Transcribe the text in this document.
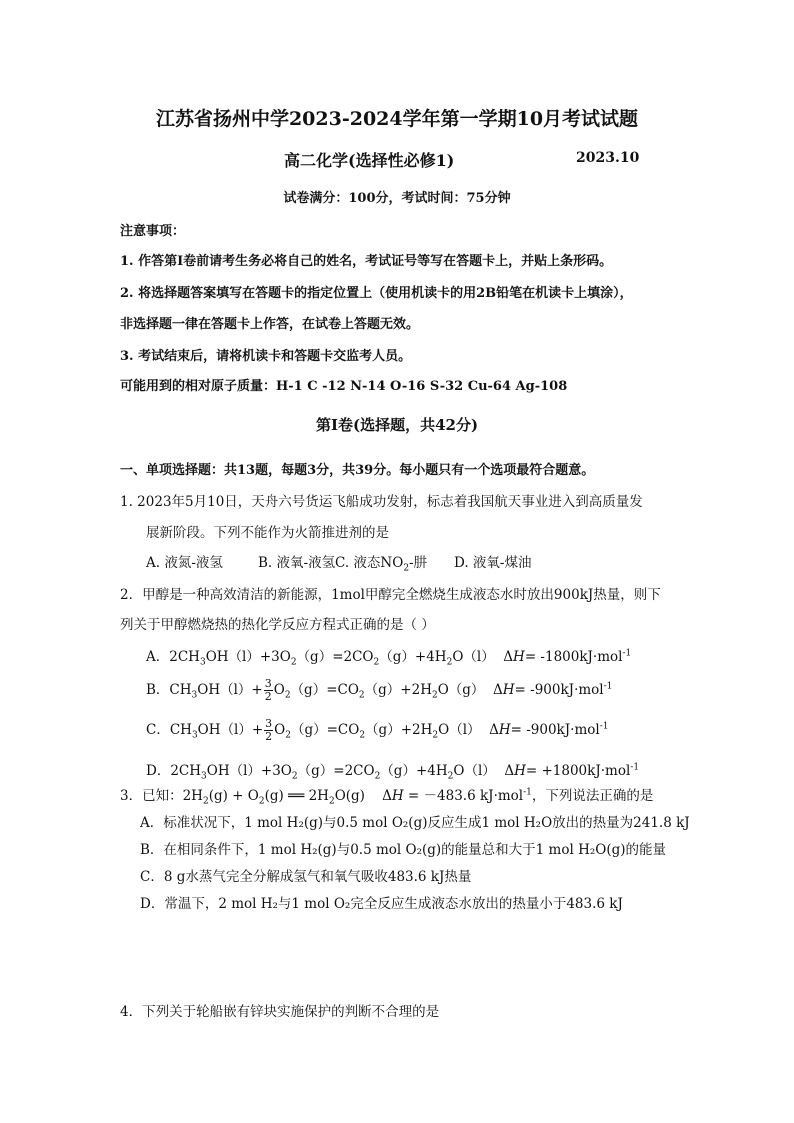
江苏省扬州中学2023-2024学年第一学期10月考试试题
高二化学(选择性必修1)	2023.10
试卷满分：100分，考试时间：75分钟
注意事项：
1. 作答第Ⅰ卷前请考生务必将自己的姓名，考试证号等写在答题卡上，并贴上条形码。
2. 将选择题答案填写在答题卡的指定位置上（使用机读卡的用2B铅笔在机读卡上填涂），
非选择题一律在答题卡上作答，在试卷上答题无效。
3. 考试结束后，请将机读卡和答题卡交监考人员。
可能用到的相对原子质量：H-1 C -12 N-14 O-16 S-32 Cu-64 Ag-108
第Ⅰ卷(选择题，共42分)
一、单项选择题：共13题，每题3分，共39分。每小题只有一个选项最符合题意。
1. 2023年5月10日，天舟六号货运飞船成功发射，标志着我国航天事业进入到高质量发
展新阶段。下列不能作为火箭推进剂的是
A. 液氮-液氢	B. 液氧-液氢 C. 液态$NO_2-$肼 D. 液氧-煤油
2．甲醇是一种高效清洁的新能源，1mol甲醇完全燃烧生成液态水时放出900kJ热量，则下
列关于甲醇燃烧热的热化学反应方程式正确的是（ ）
A．$2CH_3OH(l)+3O_2(g)=2CO_2(g)+4H_2O(l)$  ΔH= -1800kJ·mol$^{-1}$
B．$CH_3OH(l)+ \frac{3}{2} O_2(g)=CO_2(g)+2H_2O(g)$  ΔH= -900kJ·mol$^{-1}$
C．$CH_3OH(l)+ \frac{3}{2} O_2(g)=CO_2(g)+2H_2O(l)$  ΔH= -900kJ·mol$^{-1}$
D．$2CH_3OH(l)+3O_2(g)=2CO_2(g)+4H_2O(l)$  ΔH= +1800kJ·mol$^{-1}$
3．已知：$2H_2(g) + O_2(g)$ ══ $2H_2O(g)$    ΔH = －483.6 kJ·mol$^{-1}$，下列说法正确的是
A．标准状况下，1 mol H₂(g)与0.5 mol O₂(g)反应生成1 mol H₂O放出的热量为241.8 kJ
B．在相同条件下，1 mol H₂(g)与0.5 mol O₂(g)的能量总和大于1 mol H₂O(g)的能量
C．8 g水蒸气完全分解成氢气和氧气吸收483.6 kJ热量
D．常温下，2 mol H₂与1 mol O₂完全反应生成液态水放出的热量小于483.6 kJ
4．下列关于轮船嵌有锌块实施保护的判断不合理的是
